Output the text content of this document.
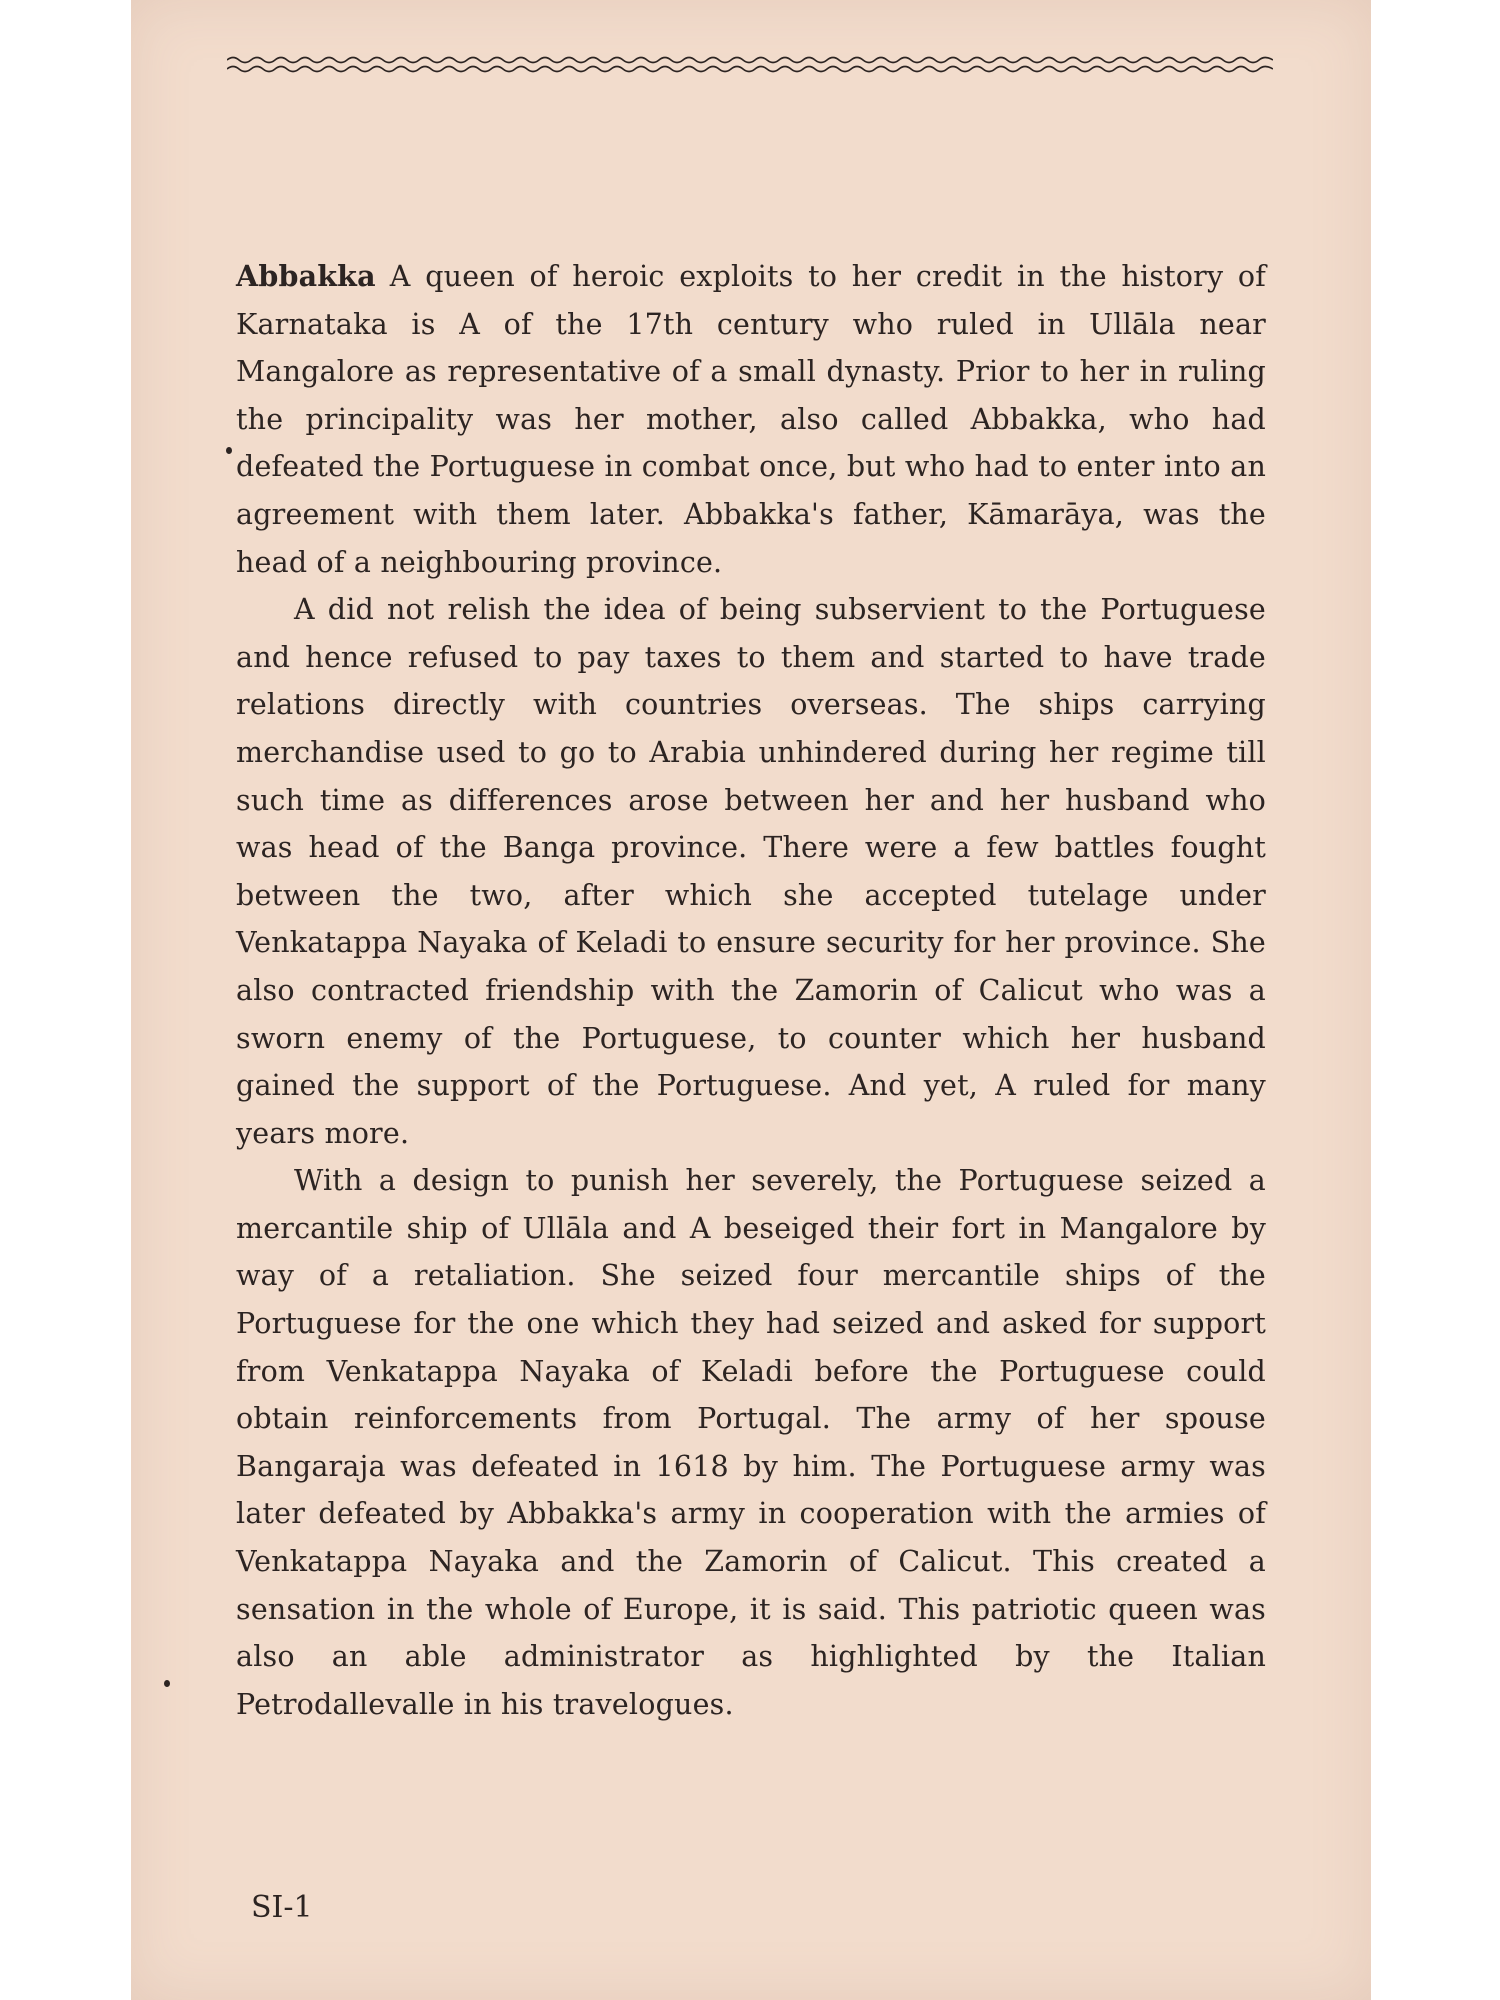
Abbakka A queen of heroic exploits to her credit in the history of Karnataka is A of the 17th century who ruled in Ullāla near Mangalore as representative of a small dynasty. Prior to her in ruling the principality was her mother, also called Abbakka, who had defeated the Portuguese in combat once, but who had to enter into an agreement with them later. Abbakka's father, Kāmarāya, was the head of a neighbouring province.

A did not relish the idea of being subservient to the Portuguese and hence refused to pay taxes to them and started to have trade relations directly with countries overseas. The ships carrying merchandise used to go to Arabia unhindered during her regime till such time as differences arose between her and her husband who was head of the Banga province. There were a few battles fought between the two, after which she accepted tutelage under Venkatappa Nayaka of Keladi to ensure security for her province. She also contracted friendship with the Zamorin of Calicut who was a sworn enemy of the Portuguese, to counter which her husband gained the support of the Portuguese. And yet, A ruled for many years more.

With a design to punish her severely, the Portuguese seized a mercantile ship of Ullāla and A beseiged their fort in Mangalore by way of a retaliation. She seized four mercantile ships of the Portuguese for the one which they had seized and asked for support from Venkatappa Nayaka of Keladi before the Portuguese could obtain reinforcements from Portugal. The army of her spouse Bangaraja was defeated in 1618 by him. The Portuguese army was later defeated by Abbakka's army in cooperation with the armies of Venkatappa Nayaka and the Zamorin of Calicut. This created a sensation in the whole of Europe, it is said. This patriotic queen was also an able administrator as highlighted by the Italian Petrodallevalle in his travelogues.

SI-1
